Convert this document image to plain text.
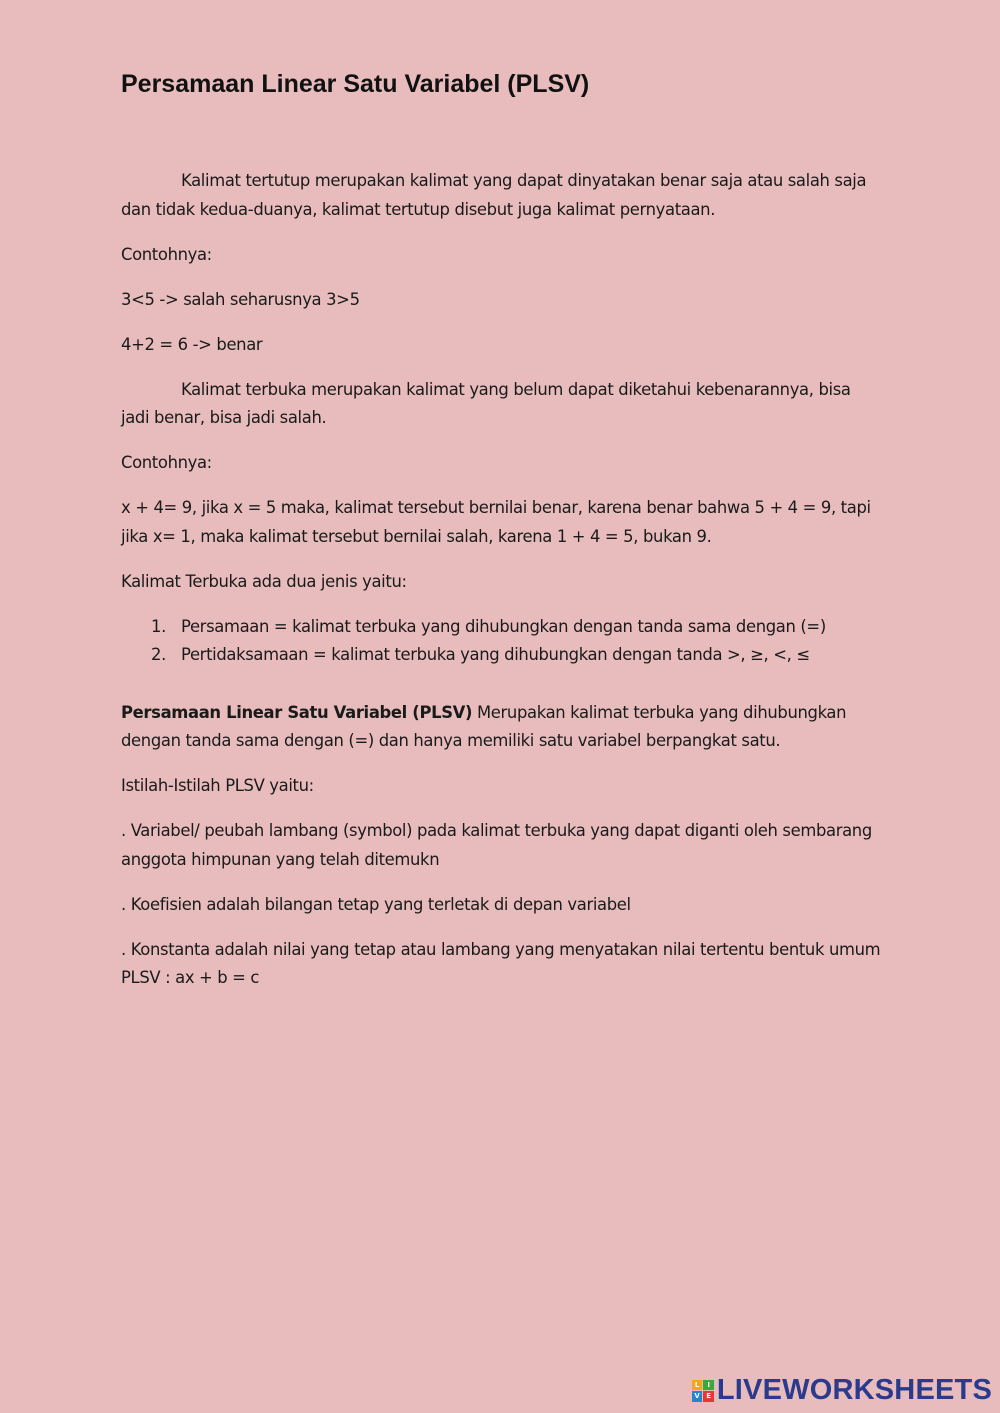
Persamaan Linear Satu Variabel (PLSV)

Kalimat tertutup merupakan kalimat yang dapat dinyatakan benar saja atau salah saja dan tidak kedua-duanya, kalimat tertutup disebut juga kalimat pernyataan.

Contohnya:

3<5 -> salah seharusnya 3>5

4+2 = 6 -> benar

Kalimat terbuka merupakan kalimat yang belum dapat diketahui kebenarannya, bisa jadi benar, bisa jadi salah.

Contohnya:

x + 4= 9, jika x = 5 maka, kalimat tersebut bernilai benar, karena benar bahwa 5 + 4 = 9, tapi jika x= 1, maka kalimat tersebut bernilai salah, karena 1 + 4 = 5, bukan 9.

Kalimat Terbuka ada dua jenis yaitu:

1. Persamaan = kalimat terbuka yang dihubungkan dengan tanda sama dengan (=)
2. Pertidaksamaan = kalimat terbuka yang dihubungkan dengan tanda >, ≥, <, ≤

Persamaan Linear Satu Variabel (PLSV) Merupakan kalimat terbuka yang dihubungkan dengan tanda sama dengan (=) dan hanya memiliki satu variabel berpangkat satu.

Istilah-Istilah PLSV yaitu:

. Variabel/ peubah lambang (symbol) pada kalimat terbuka yang dapat diganti oleh sembarang anggota himpunan yang telah ditemukn

. Koefisien adalah bilangan tetap yang terletak di depan variabel

. Konstanta adalah nilai yang tetap atau lambang yang menyatakan nilai tertentu bentuk umum PLSV : ax + b = c

L	I
V E LIVEWORKSHEETS
